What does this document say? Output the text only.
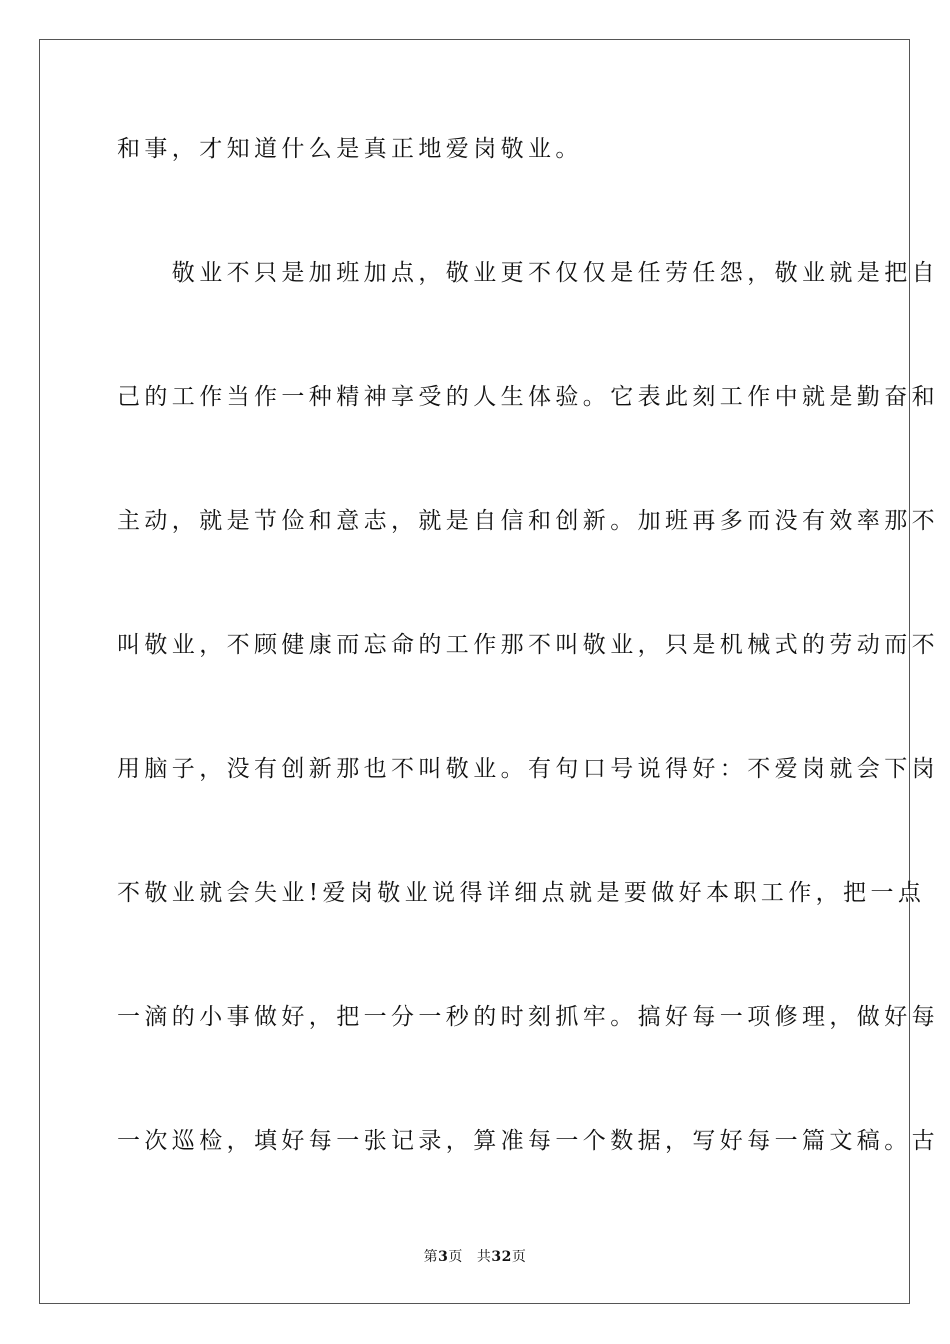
和事，才知道什么是真正地爱岗敬业。
　　敬业不只是加班加点，敬业更不仅仅是任劳任怨，敬业就是把自
己的工作当作一种精神享受的人生体验。它表此刻工作中就是勤奋和
主动，就是节俭和意志，就是自信和创新。加班再多而没有效率那不
叫敬业，不顾健康而忘命的工作那不叫敬业，只是机械式的劳动而不
用脑子，没有创新那也不叫敬业。有句口号说得好：不爱岗就会下岗
不敬业就会失业!爱岗敬业说得详细点就是要做好本职工作，把一点
一滴的小事做好，把一分一秒的时刻抓牢。搞好每一项修理，做好每
一次巡检，填好每一张记录，算准每一个数据，写好每一篇文稿。古
第3页 共32页
